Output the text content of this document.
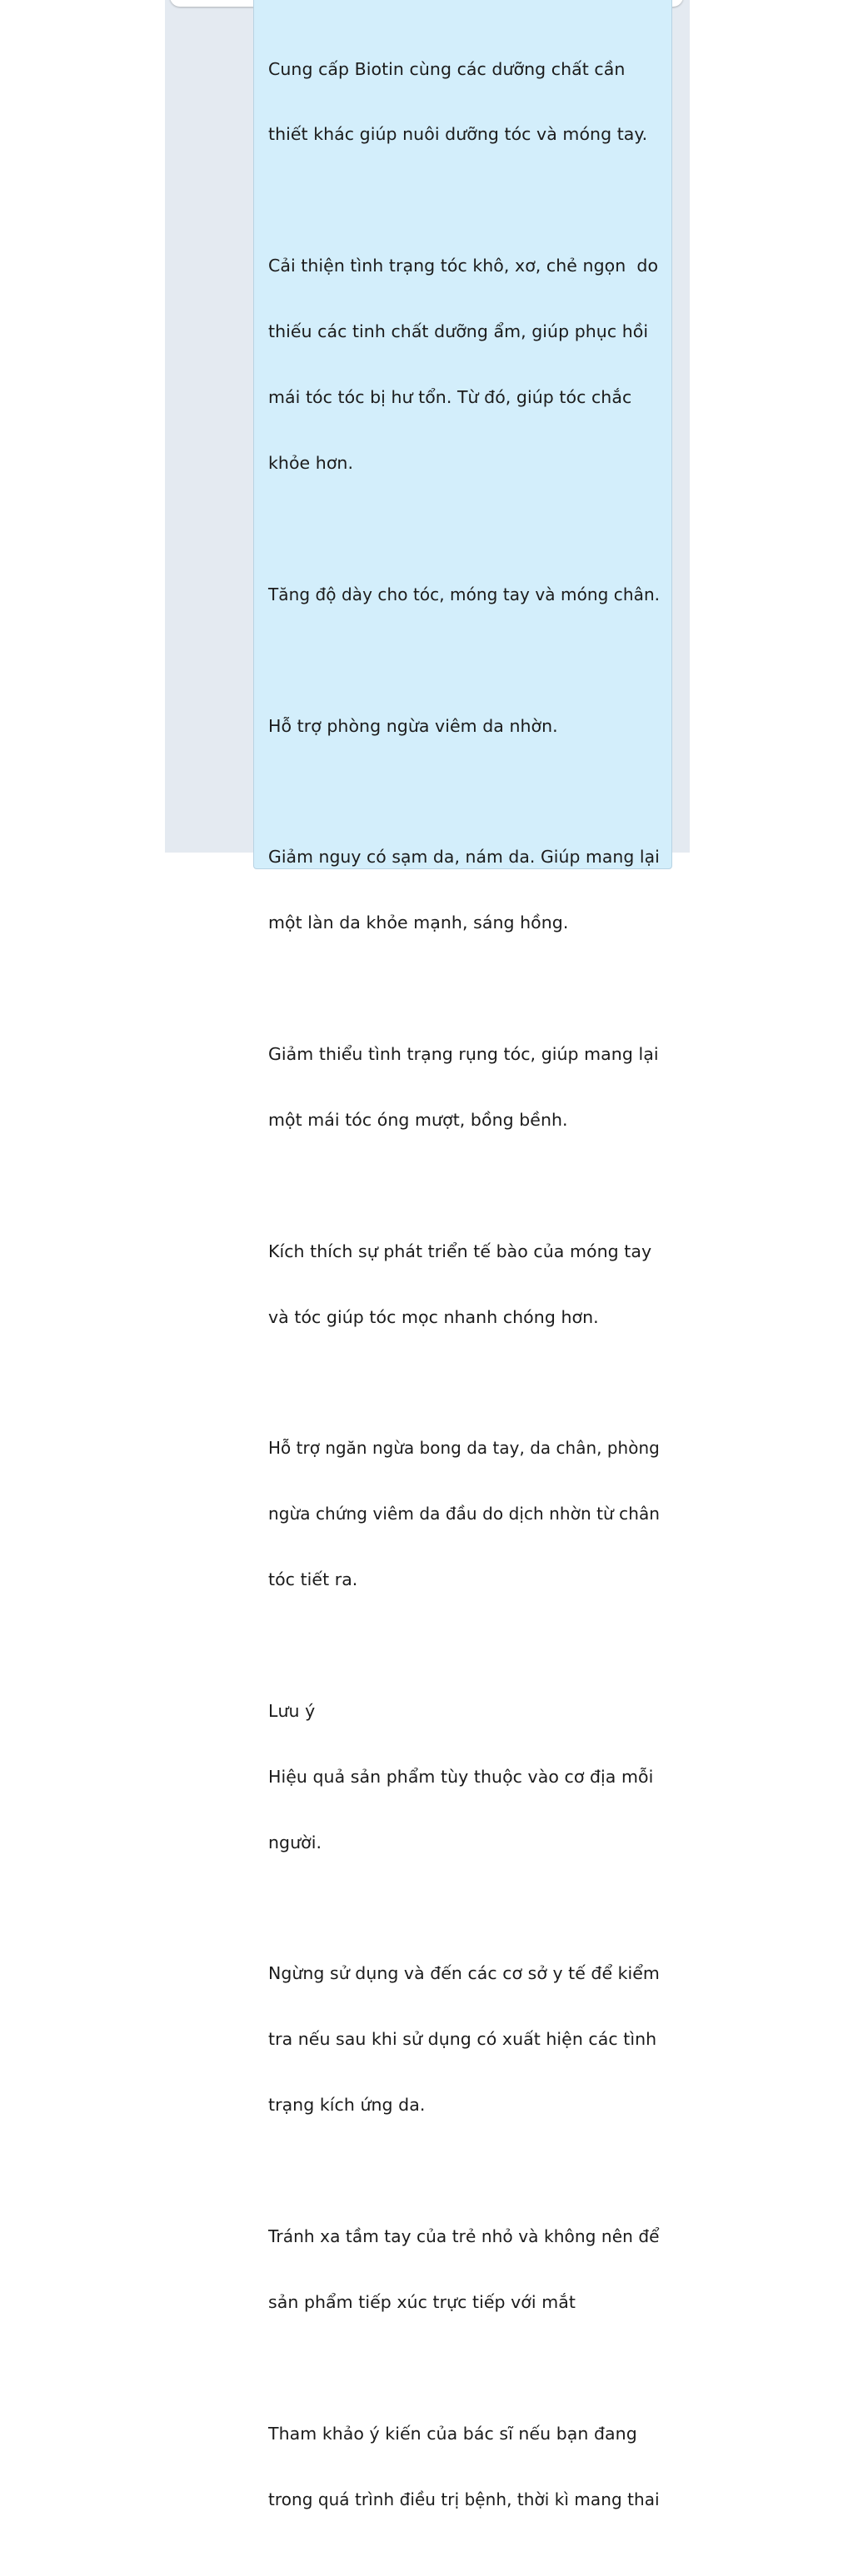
Cung cấp Biotin cùng các dưỡng chất cần

thiết khác giúp nuôi dưỡng tóc và móng tay.

Cải thiện tình trạng tóc khô, xơ, chẻ ngọn  do

thiếu các tinh chất dưỡng ẩm, giúp phục hồi

mái tóc tóc bị hư tổn. Từ đó, giúp tóc chắc

khỏe hơn.

Tăng độ dày cho tóc, móng tay và móng chân.

Hỗ trợ phòng ngừa viêm da nhờn.

Giảm nguy có sạm da, nám da. Giúp mang lại

một làn da khỏe mạnh, sáng hồng.

Giảm thiểu tình trạng rụng tóc, giúp mang lại

một mái tóc óng mượt, bồng bềnh.

Kích thích sự phát triển tế bào của móng tay

và tóc giúp tóc mọc nhanh chóng hơn.

Hỗ trợ ngăn ngừa bong da tay, da chân, phòng

ngừa chứng viêm da đầu do dịch nhờn từ chân

tóc tiết ra.

Lưu ý

Hiệu quả sản phẩm tùy thuộc vào cơ địa mỗi

người.

Ngừng sử dụng và đến các cơ sở y tế để kiểm

tra nếu sau khi sử dụng có xuất hiện các tình

trạng kích ứng da.

Tránh xa tầm tay của trẻ nhỏ và không nên để

sản phẩm tiếp xúc trực tiếp với mắt

Tham khảo ý kiến của bác sĩ nếu bạn đang

trong quá trình điều trị bệnh, thời kì mang thai
